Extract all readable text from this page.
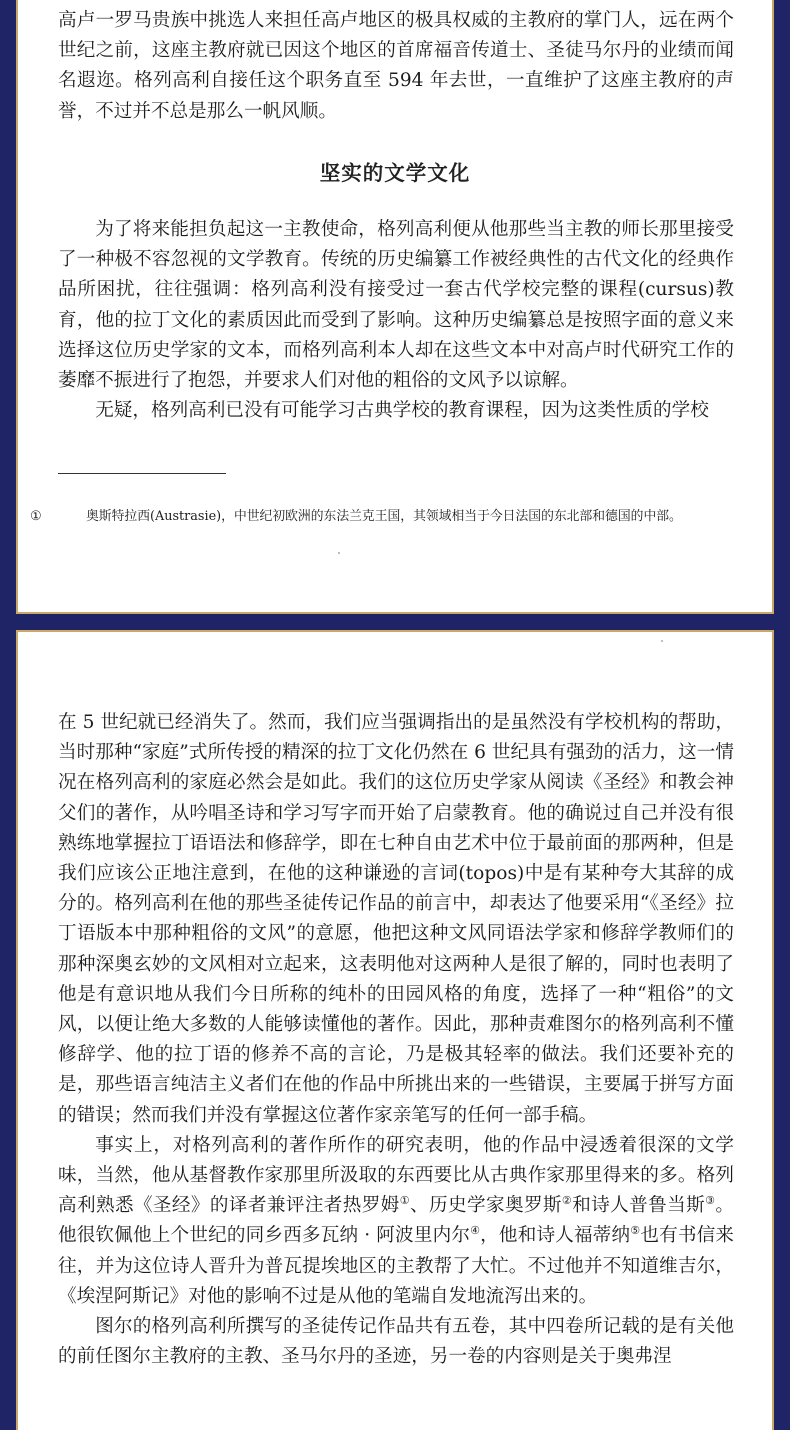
高卢一罗马贵族中挑选人来担任高卢地区的极具权威的主教府的掌门人，远在两个世纪之前，这座主教府就已因这个地区的首席福音传道士、圣徒马尔丹的业绩而闻名遐迩。格列高利自接任这个职务直至 594 年去世，一直维护了这座主教府的声誉，不过并不总是那么一帆风顺。

坚实的文学文化

为了将来能担负起这一主教使命，格列高利便从他那些当主教的师长那里接受了一种极不容忽视的文学教育。传统的历史编纂工作被经典性的古代文化的经典作品所困扰，往往强调：格列高利没有接受过一套古代学校完整的课程(cursus)教育，他的拉丁文化的素质因此而受到了影响。这种历史编纂总是按照字面的意义来选择这位历史学家的文本，而格列高利本人却在这些文本中对高卢时代研究工作的萎靡不振进行了抱怨，并要求人们对他的粗俗的文风予以谅解。

无疑，格列高利已没有可能学习古典学校的教育课程，因为这类性质的学校

①	奥斯特拉西(Austrasie)，中世纪初欧洲的东法兰克王国，其领域相当于今日法国的东北部和德国的中部。

在 5 世纪就已经消失了。然而，我们应当强调指出的是虽然没有学校机构的帮助，当时那种“家庭”式所传授的精深的拉丁文化仍然在 6 世纪具有强劲的活力，这一情况在格列高利的家庭必然会是如此。我们的这位历史学家从阅读《圣经》和教会神父们的著作，从吟唱圣诗和学习写字而开始了启蒙教育。他的确说过自己并没有很熟练地掌握拉丁语语法和修辞学，即在七种自由艺术中位于最前面的那两种，但是我们应该公正地注意到，在他的这种谦逊的言词(topos)中是有某种夸大其辞的成分的。格列高利在他的那些圣徒传记作品的前言中，却表达了他要采用“《圣经》拉丁语版本中那种粗俗的文风”的意愿，他把这种文风同语法学家和修辞学教师们的那种深奥玄妙的文风相对立起来，这表明他对这两种人是很了解的，同时也表明了他是有意识地从我们今日所称的纯朴的田园风格的角度，选择了一种“粗俗”的文风，以便让绝大多数的人能够读懂他的著作。因此，那种责难图尔的格列高利不懂修辞学、他的拉丁语的修养不高的言论，乃是极其轻率的做法。我们还要补充的是，那些语言纯洁主义者们在他的作品中所挑出来的一些错误，主要属于拼写方面的错误；然而我们并没有掌握这位著作家亲笔写的任何一部手稿。

事实上，对格列高利的著作所作的研究表明，他的作品中浸透着很深的文学味，当然，他从基督教作家那里所汲取的东西要比从古典作家那里得来的多。格列高利熟悉《圣经》的译者兼评注者热罗姆①、历史学家奥罗斯②和诗人普鲁当斯③。他很钦佩他上个世纪的同乡西多瓦纳 · 阿波里内尔④，他和诗人福蒂纳⑤也有书信来往，并为这位诗人晋升为普瓦提埃地区的主教帮了大忙。不过他并不知道维吉尔，《埃涅阿斯记》对他的影响不过是从他的笔端自发地流泻出来的。

图尔的格列高利所撰写的圣徒传记作品共有五卷，其中四卷所记载的是有关他的前任图尔主教府的主教、圣马尔丹的圣迹，另一卷的内容则是关于奥弗涅
